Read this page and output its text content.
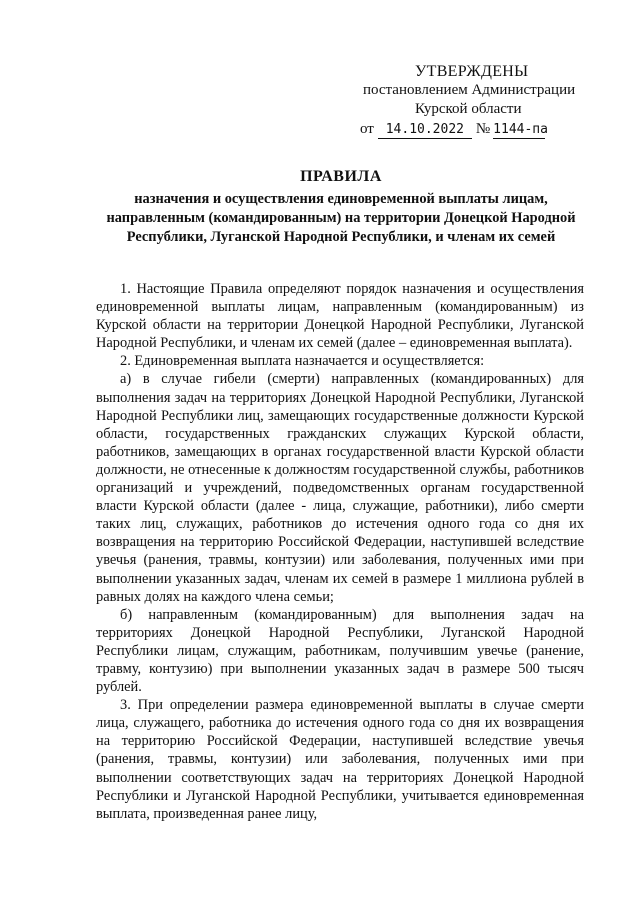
УТВЕРЖДЕНЫ
постановлением Администрации
Курской области
от 14.10.2022 № 1144-па
ПРАВИЛА
назначения и осуществления единовременной выплаты лицам, направленным (командированным) на территории Донецкой Народной Республики, Луганской Народной Республики, и членам их семей

1. Настоящие Правила определяют порядок назначения и осуществления единовременной выплаты лицам, направленным (командированным) из Курской области на территории Донецкой Народной Республики, Луганской Народной Республики, и членам их семей (далее – единовременная выплата).

2. Единовременная выплата назначается и осуществляется:

а) в случае гибели (смерти) направленных (командированных) для выполнения задач на территориях Донецкой Народной Республики, Луганской Народной Республики лиц, замещающих государственные должности Курской области, государственных гражданских служащих Курской области, работников, замещающих в органах государственной власти Курской области должности, не отнесенные к должностям государственной службы, работников организаций и учреждений, подведомственных органам государственной власти Курской области (далее - лица, служащие, работники), либо смерти таких лиц, служащих, работников до истечения одного года со дня их возвращения на территорию Российской Федерации, наступившей вследствие увечья (ранения, травмы, контузии) или заболевания, полученных ими при выполнении указанных задач, членам их семей в размере 1 миллиона рублей в равных долях на каждого члена семьи;

б) направленным (командированным) для выполнения задач на территориях Донецкой Народной Республики, Луганской Народной Республики лицам, служащим, работникам, получившим увечье (ранение, травму, контузию) при выполнении указанных задач в размере 500 тысяч рублей.

3. При определении размера единовременной выплаты в случае смерти лица, служащего, работника до истечения одного года со дня их возвращения на территорию Российской Федерации, наступившей вследствие увечья (ранения, травмы, контузии) или заболевания, полученных ими при выполнении соответствующих задач на территориях Донецкой Народной Республики и Луганской Народной Республики, учитывается единовременная выплата, произведенная ранее лицу,
